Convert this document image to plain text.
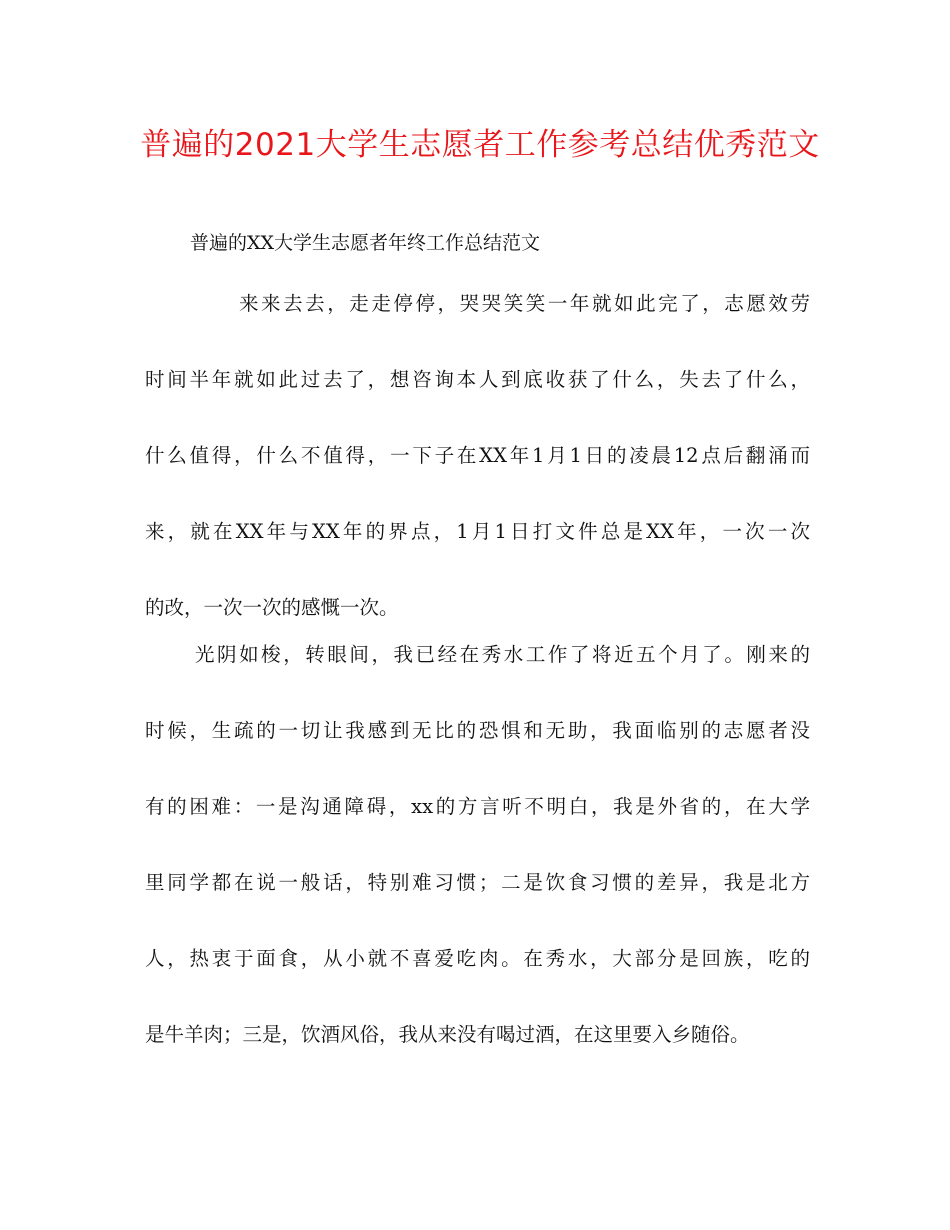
普遍的2021大学生志愿者工作参考总结优秀范文
普遍的XX大学生志愿者年终工作总结范文
来来去去，走走停停，哭哭笑笑一年就如此完了，志愿效劳
时间半年就如此过去了，想咨询本人到底收获了什么，失去了什么，
什么值得，什么不值得，一下子在XX年1月1日的凌晨12点后翻涌而
来，就在XX年与XX年的界点，1月1日打文件总是XX年，一次一次
的改，一次一次的感慨一次。
光阴如梭，转眼间，我已经在秀水工作了将近五个月了。刚来的
时候，生疏的一切让我感到无比的恐惧和无助，我面临别的志愿者没
有的困难：一是沟通障碍，xx的方言听不明白，我是外省的，在大学
里同学都在说一般话，特别难习惯；二是饮食习惯的差异，我是北方
人，热衷于面食，从小就不喜爱吃肉。在秀水，大部分是回族，吃的
是牛羊肉；三是，饮酒风俗，我从来没有喝过酒，在这里要入乡随俗。
